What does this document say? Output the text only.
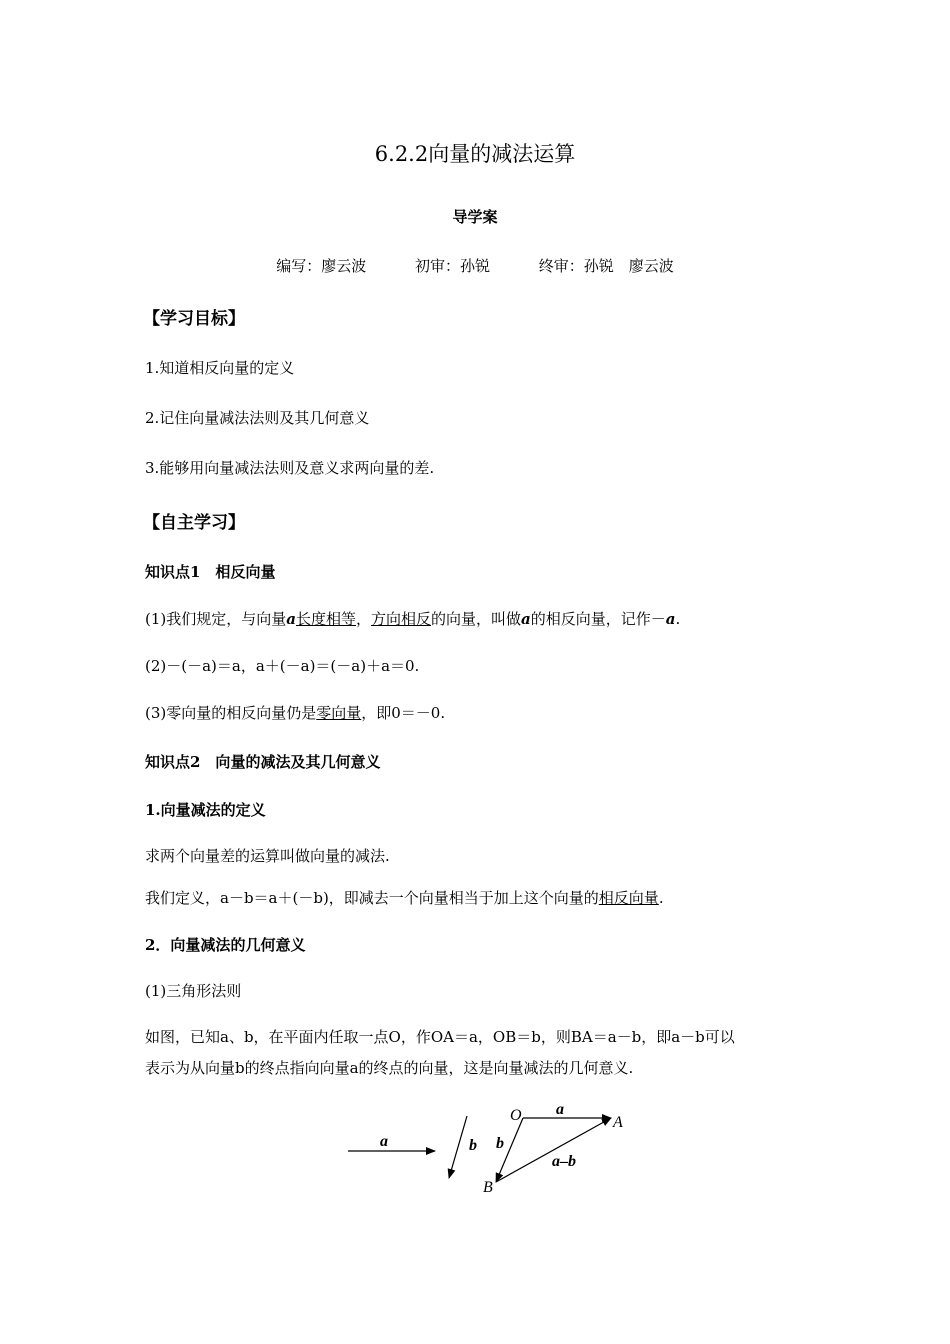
6.2.2向量的减法运算
导学案
编写：廖云波	初审：孙锐	终审：孙锐　廖云波
【学习目标】
1.知道相反向量的定义
2.记住向量减法法则及其几何意义
3.能够用向量减法法则及意义求两向量的差.
【自主学习】
知识点1　相反向量
(1)我们规定，与向量a长度相等，方向相反的向量，叫做a的相反向量，记作－a.
(2)－(－a)＝a，a＋(－a)＝(－a)＋a＝0.
(3)零向量的相反向量仍是零向量，即0＝－0.
知识点2　向量的减法及其几何意义
1.向量减法的定义
求两个向量差的运算叫做向量的减法.
我们定义，a－b＝a＋(－b)，即减去一个向量相当于加上这个向量的相反向量.
2．向量减法的几何意义
(1)三角形法则
如图，已知a、b，在平面内任取一点O，作OA＝a，OB＝b，则BA＝a－b，即a－b可以
表示为从向量b的终点指向向量a的终点的向量，这是向量减法的几何意义.
a	b
O	A
B
a
b
a–b
